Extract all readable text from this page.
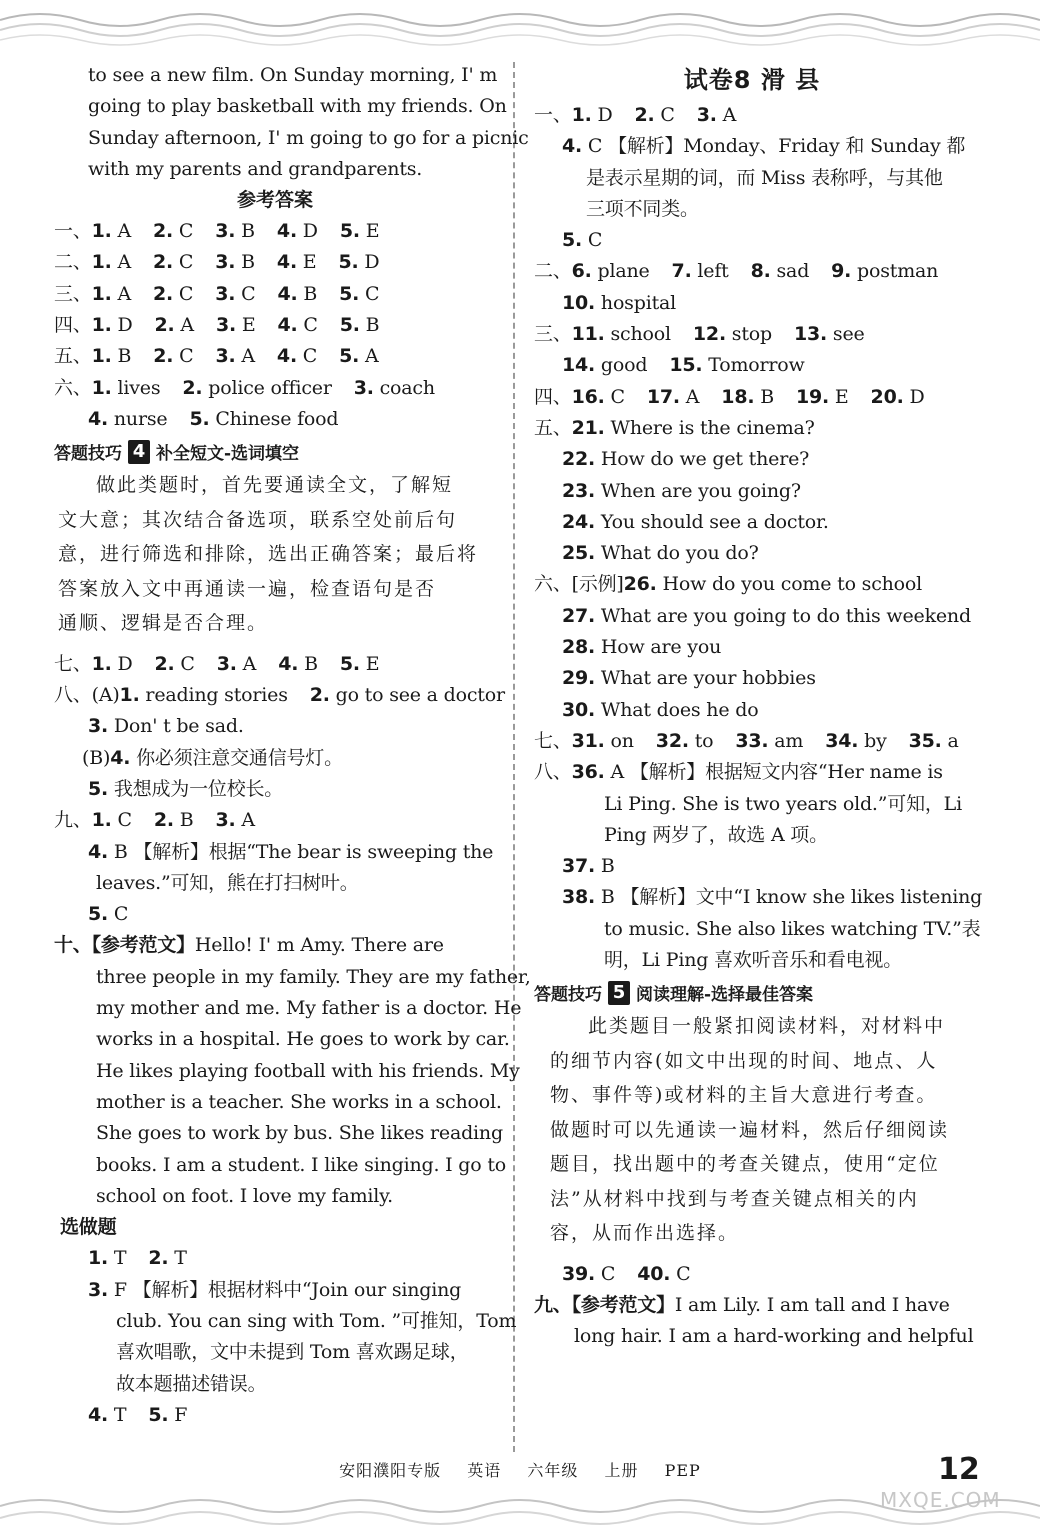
to see a new film. On Sunday morning, I' m
going to play basketball with my friends. On
Sunday afternoon, I' m going to go for a picnic
with my parents and grandparents.
参考答案
一、1. A 2. C 3. B 4. D 5. E
二、1. A 2. C 3. B 4. E 5. D
三、1. A 2. C 3. C 4. B 5. C
四、1. D 2. A 3. E 4. C 5. B
五、1. B 2. C 3. A 4. C 5. A
六、1. lives 2. police officer 3. coach
4. nurse 5. Chinese food
答题技巧 4 补全短文-选词填空
做此类题时，首先要通读全文，了解短
文大意；其次结合备选项，联系空处前后句
意，进行筛选和排除，选出正确答案；最后将
答案放入文中再通读一遍，检查语句是否
通顺、逻辑是否合理。
七、1. D 2. C 3. A 4. B 5. E
八、(A)1. reading stories 2. go to see a doctor
3. Don' t be sad.
(B)4. 你必须注意交通信号灯。
5. 我想成为一位校长。
九、1. C 2. B 3. A
4. B 【解析】根据“The bear is sweeping the
leaves.”可知，熊在打扫树叶。
5. C
十、【参考范文】Hello! I' m Amy. There are
three people in my family. They are my father,
my mother and me. My father is a doctor. He
works in a hospital. He goes to work by car.
He likes playing football with his friends. My
mother is a teacher. She works in a school.
She goes to work by bus. She likes reading
books. I am a student. I like singing. I go to
school on foot. I love my family.
选做题
1. T 2. T
3. F 【解析】根据材料中“Join our singing
club. You can sing with Tom. ”可推知，Tom
喜欢唱歌，文中未提到 Tom 喜欢踢足球，
故本题描述错误。
4. T 5. F
试卷8 滑 县
一、1. D 2. C 3. A
4. C 【解析】Monday、Friday 和 Sunday 都
是表示星期的词，而 Miss 表称呼，与其他
三项不同类。
5. C
二、6. plane 7. left 8. sad 9. postman
10. hospital
三、11. school 12. stop 13. see
14. good 15. Tomorrow
四、16. C 17. A 18. B 19. E 20. D
五、21. Where is the cinema?
22. How do we get there?
23. When are you going?
24. You should see a doctor.
25. What do you do?
六、[示例]26. How do you come to school
27. What are you going to do this weekend
28. How are you
29. What are your hobbies
30. What does he do
七、31. on 32. to 33. am 34. by 35. a
八、36. A 【解析】根据短文内容“Her name is
Li Ping. She is two years old.”可知，Li
Ping 两岁了，故选 A 项。
37. B
38. B 【解析】文中“I know she likes listening
to music. She also likes watching TV.”表
明，Li Ping 喜欢听音乐和看电视。
答题技巧 5 阅读理解-选择最佳答案
此类题目一般紧扣阅读材料，对材料中
的细节内容(如文中出现的时间、地点、人
物、事件等)或材料的主旨大意进行考查。
做题时可以先通读一遍材料，然后仔细阅读
题目，找出题中的考查关键点，使用“定位
法”从材料中找到与考查关键点相关的内
容，从而作出选择。
39. C 40. C
九、【参考范文】I am Lily. I am tall and I have
long hair. I am a hard-working and helpful
安阳濮阳专版 英语 六年级 上册 PEP	12
MXQE.COM
